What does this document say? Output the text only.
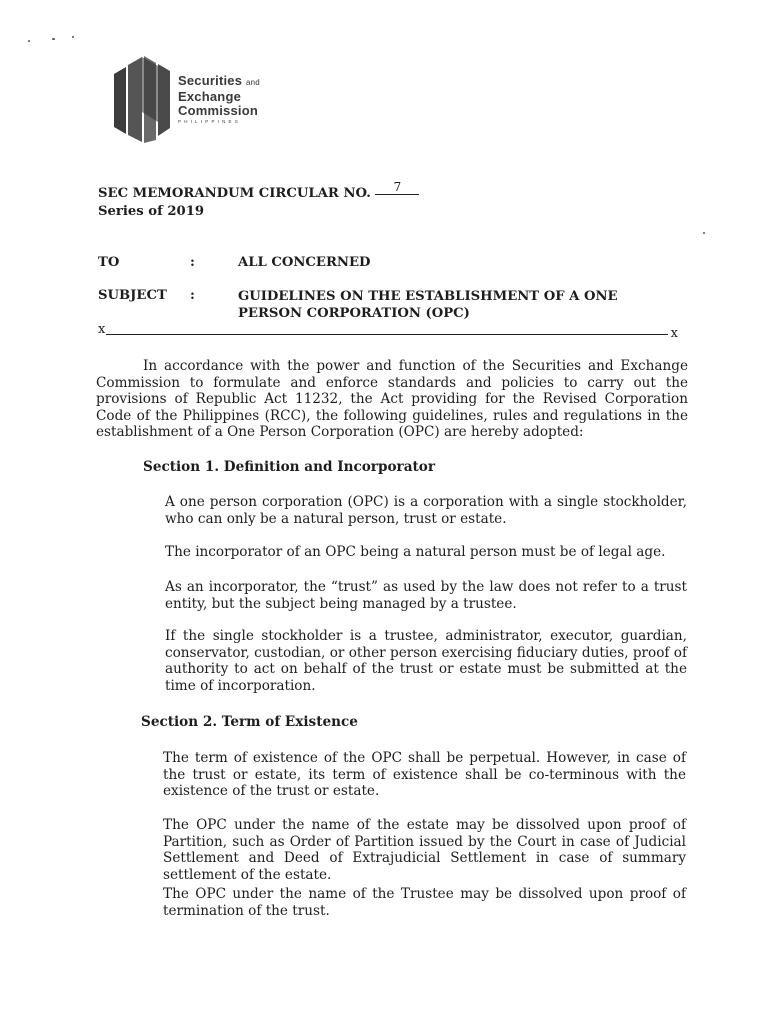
Securities and
Exchange
Commission
PHILIPPINES
SEC MEMORANDUM CIRCULAR NO. 7
Series of 2019
TO	:	ALL CONCERNED
SUBJECT :	GUIDELINES ON THE ESTABLISHMENT OF A ONE PERSON CORPORATION (OPC)
x	x

In accordance with the power and function of the Securities and Exchange Commission to formulate and enforce standards and policies to carry out the provisions of Republic Act 11232, the Act providing for the Revised Corporation Code of the Philippines (RCC), the following guidelines, rules and regulations in the establishment of a One Person Corporation (OPC) are hereby adopted:

Section 1. Definition and Incorporator

A one person corporation (OPC) is a corporation with a single stockholder, who can only be a natural person, trust or estate.

The incorporator of an OPC being a natural person must be of legal age.

As an incorporator, the “trust” as used by the law does not refer to a trust entity, but the subject being managed by a trustee.

If the single stockholder is a trustee, administrator, executor, guardian, conservator, custodian, or other person exercising fiduciary duties, proof of authority to act on behalf of the trust or estate must be submitted at the time of incorporation.

Section 2. Term of Existence

The term of existence of the OPC shall be perpetual. However, in case of the trust or estate, its term of existence shall be co-terminous with the existence of the trust or estate.

The OPC under the name of the estate may be dissolved upon proof of Partition, such as Order of Partition issued by the Court in case of Judicial Settlement and Deed of Extrajudicial Settlement in case of summary settlement of the estate.

The OPC under the name of the Trustee may be dissolved upon proof of termination of the trust.
